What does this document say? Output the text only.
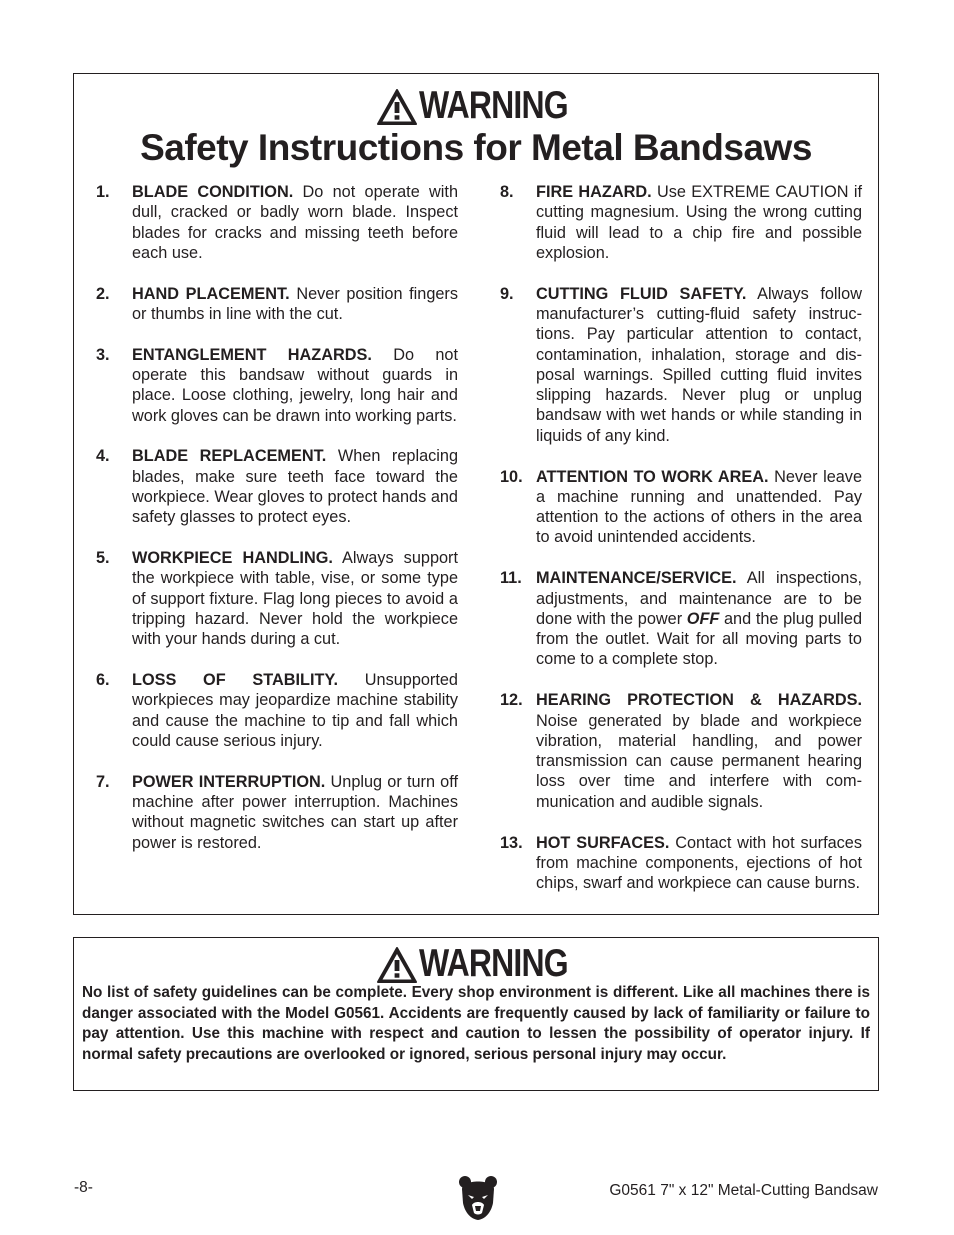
WARNING
Safety Instructions for Metal Bandsaws
1. BLADE CONDITION. Do not operate with dull, cracked or badly worn blade. Inspect blades for cracks and missing teeth before each use.
2. HAND PLACEMENT. Never position fingers or thumbs in line with the cut.
3. ENTANGLEMENT HAZARDS. Do not operate this bandsaw without guards in place. Loose clothing, jewelry, long hair and work gloves can be drawn into working parts.
4. BLADE REPLACEMENT. When replacing blades, make sure teeth face toward the workpiece. Wear gloves to protect hands and safety glasses to protect eyes.
5. WORKPIECE HANDLING. Always support the workpiece with table, vise, or some type of support fixture. Flag long pieces to avoid a tripping hazard. Never hold the workpiece with your hands during a cut.
6. LOSS OF STABILITY. Unsupported workpieces may jeopardize machine stability and cause the machine to tip and fall which could cause serious injury.
7. POWER INTERRUPTION. Unplug or turn off machine after power interruption. Machines without magnetic switches can start up after power is restored.
8. FIRE HAZARD. Use EXTREME CAUTION if cutting magnesium. Using the wrong cutting fluid will lead to a chip fire and possible explosion.
9. CUTTING FLUID SAFETY. Always follow manufacturer’s cutting-fluid safety instructions. Pay particular attention to contact, contamination, inhalation, storage and disposal warnings. Spilled cutting fluid invites slipping hazards. Never plug or unplug bandsaw with wet hands or while standing in liquids of any kind.
10. ATTENTION TO WORK AREA. Never leave a machine running and unattended. Pay attention to the actions of others in the area to avoid unintended accidents.
11. MAINTENANCE/SERVICE. All inspections, adjustments, and maintenance are to be done with the power OFF and the plug pulled from the outlet. Wait for all moving parts to come to a complete stop.
12. HEARING PROTECTION & HAZARDS. Noise generated by blade and workpiece vibration, material handling, and power transmission can cause permanent hearing loss over time and interfere with communication and audible signals.
13. HOT SURFACES. Contact with hot surfaces from machine components, ejections of hot chips, swarf and workpiece can cause burns.
WARNING
No list of safety guidelines can be complete. Every shop environment is different. Like all machines there is danger associated with the Model G0561. Accidents are frequently caused by lack of familiarity or failure to pay attention. Use this machine with respect and caution to lessen the possibility of operator injury. If normal safety precautions are overlooked or ignored, serious personal injury may occur.
-8-	G0561 7" x 12" Metal-Cutting Bandsaw
